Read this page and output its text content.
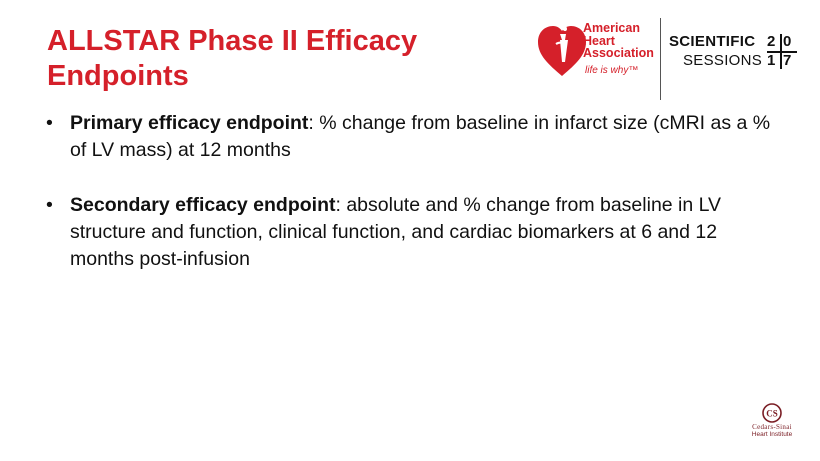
ALLSTAR Phase II Efficacy
Endpoints
American
Heart
Association
life is why™
SCIENTIFIC
SESSIONS
2 0
1 7
• Primary efficacy endpoint: % change from baseline in infarct size (cMRI as a % of LV mass) at 12 months
• Secondary efficacy endpoint: absolute and % change from baseline in LV structure and function, clinical function, and cardiac biomarkers at 6 and 12 months post-infusion
CS
Cedars-Sinai
Heart Institute
